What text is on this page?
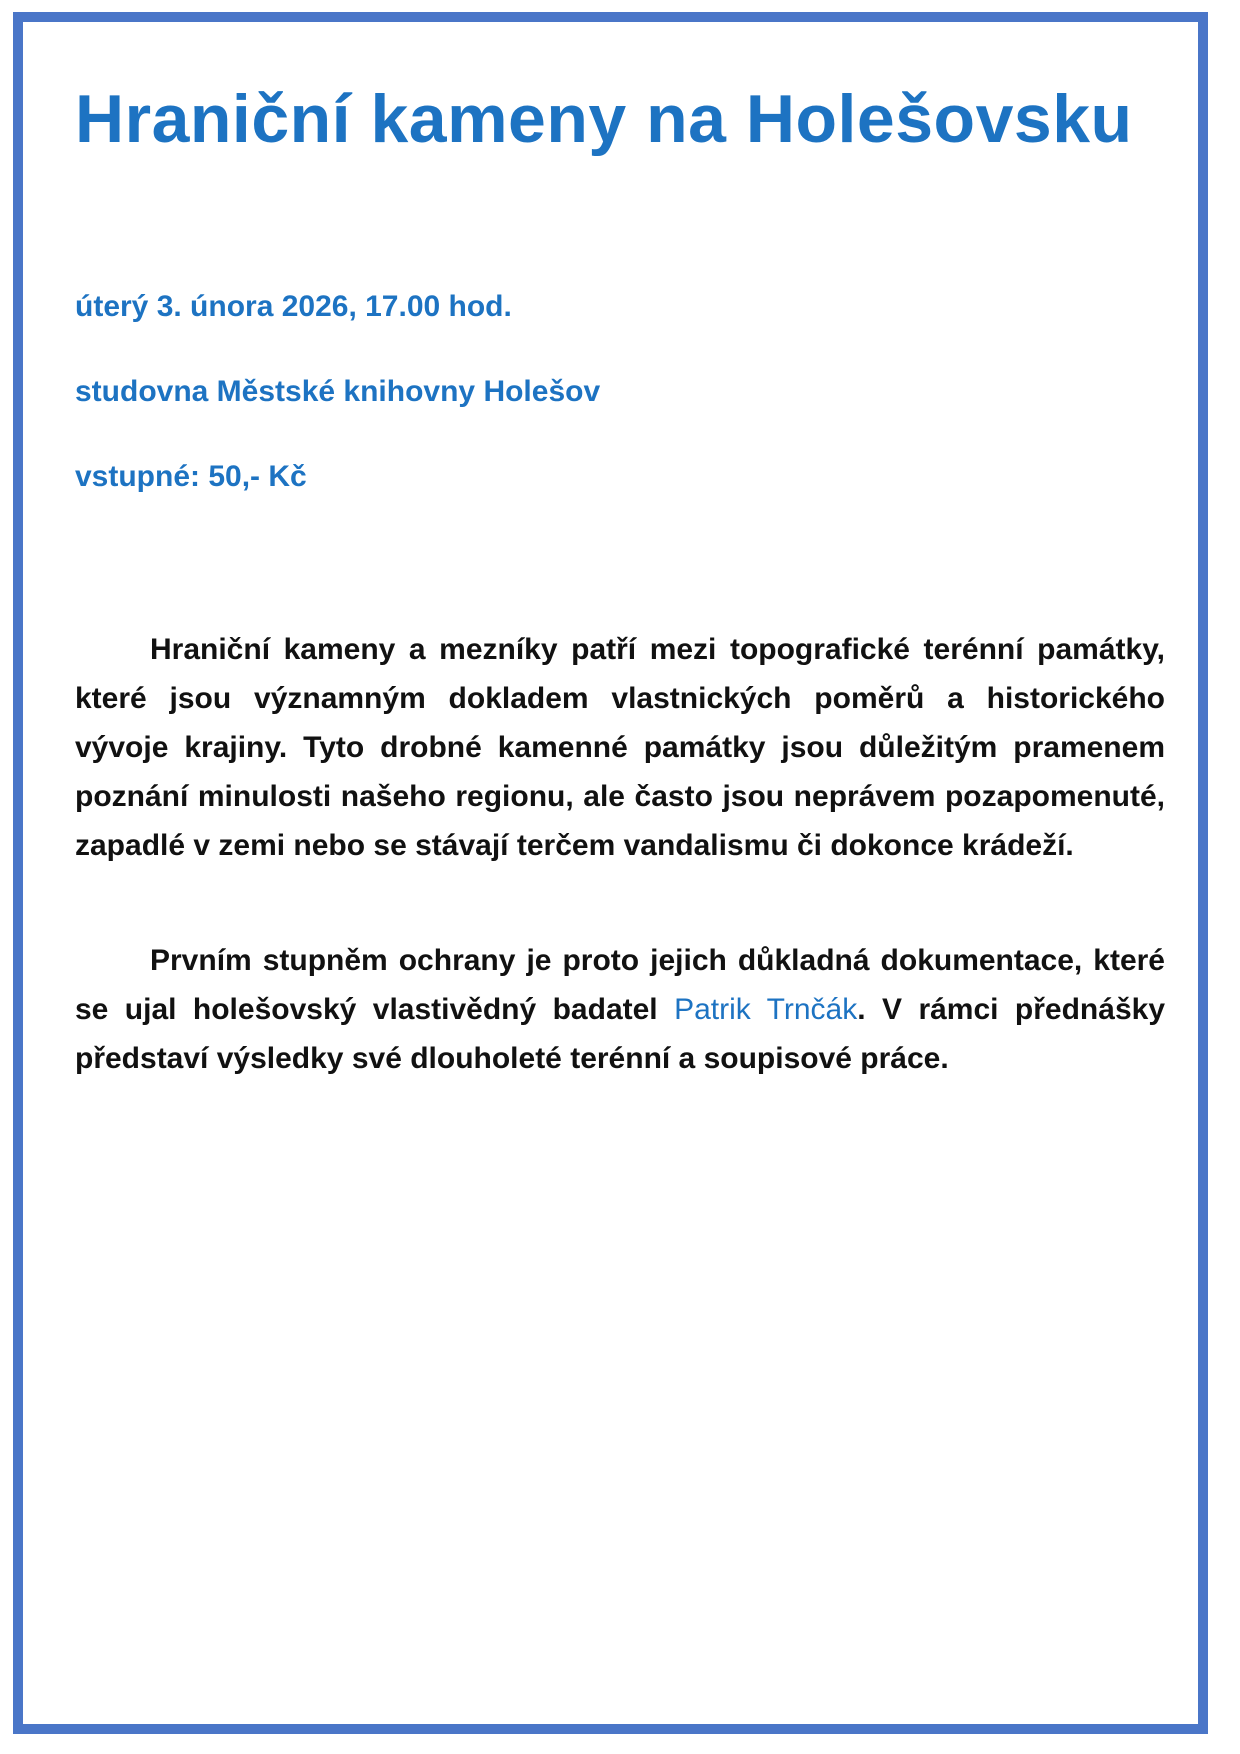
Hraniční kameny na Holešovsku

úterý 3. února 2026, 17.00 hod.

studovna Městské knihovny Holešov

vstupné: 50,- Kč

Hraniční kameny a mezníky patří mezi topografické terénní památky, které jsou významným dokladem vlastnických poměrů a historického vývoje krajiny. Tyto drobné kamenné památky jsou důležitým pramenem poznání minulosti našeho regionu, ale často jsou neprávem pozapomenuté, zapadlé v zemi nebo se stávají terčem vandalismu či dokonce krádeží.

Prvním stupněm ochrany je proto jejich důkladná dokumentace, které se ujal holešovský vlastivědný badatel Patrik Trnčák. V rámci přednášky představí výsledky své dlouholeté terénní a soupisové práce.
